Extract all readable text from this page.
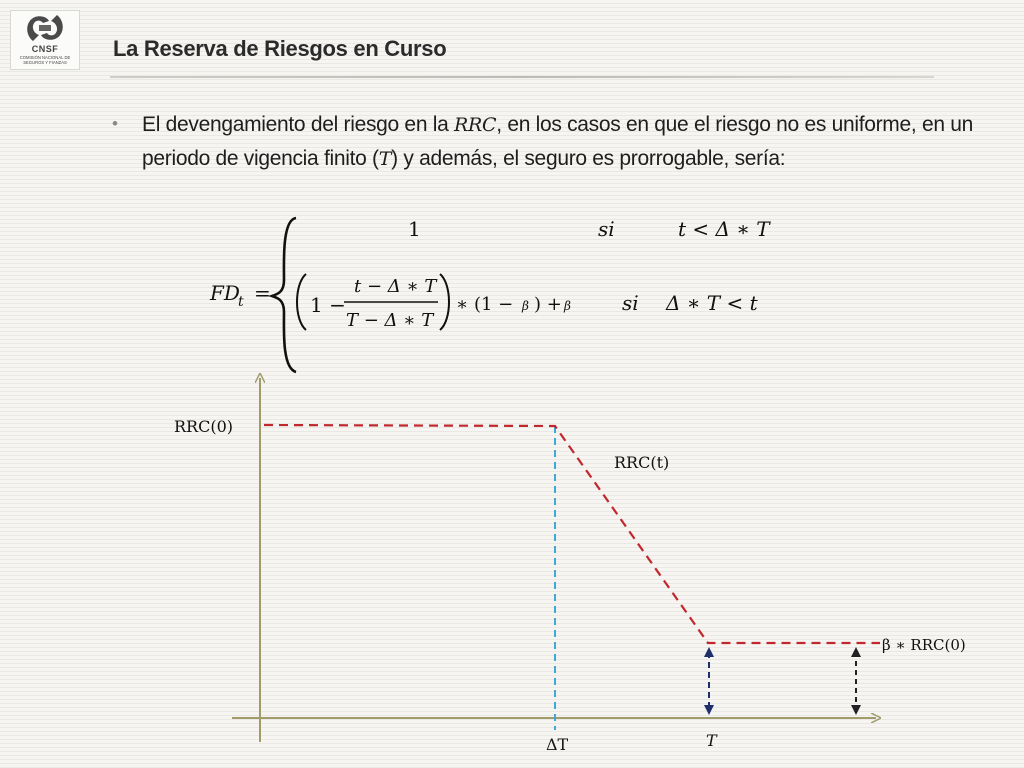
CNSF
COMISIÓN NACIONAL DE
SEGUROS Y FIANZAS
La Reserva de Riesgos en Curso
• El devengamiento del riesgo en la RRC, en los casos en que el riesgo no es uniforme, en un periodo de vigencia finito (T) y además, el seguro es prorrogable, sería:
FD
t =
1	si	t < Δ ∗ T
1 −
t − Δ ∗ T
T − Δ ∗ T
∗ (1 − β ) + β	si Δ ∗ T < t
RRC(0)
RRC(t)
β ∗ RRC(0)
ΔT	T
